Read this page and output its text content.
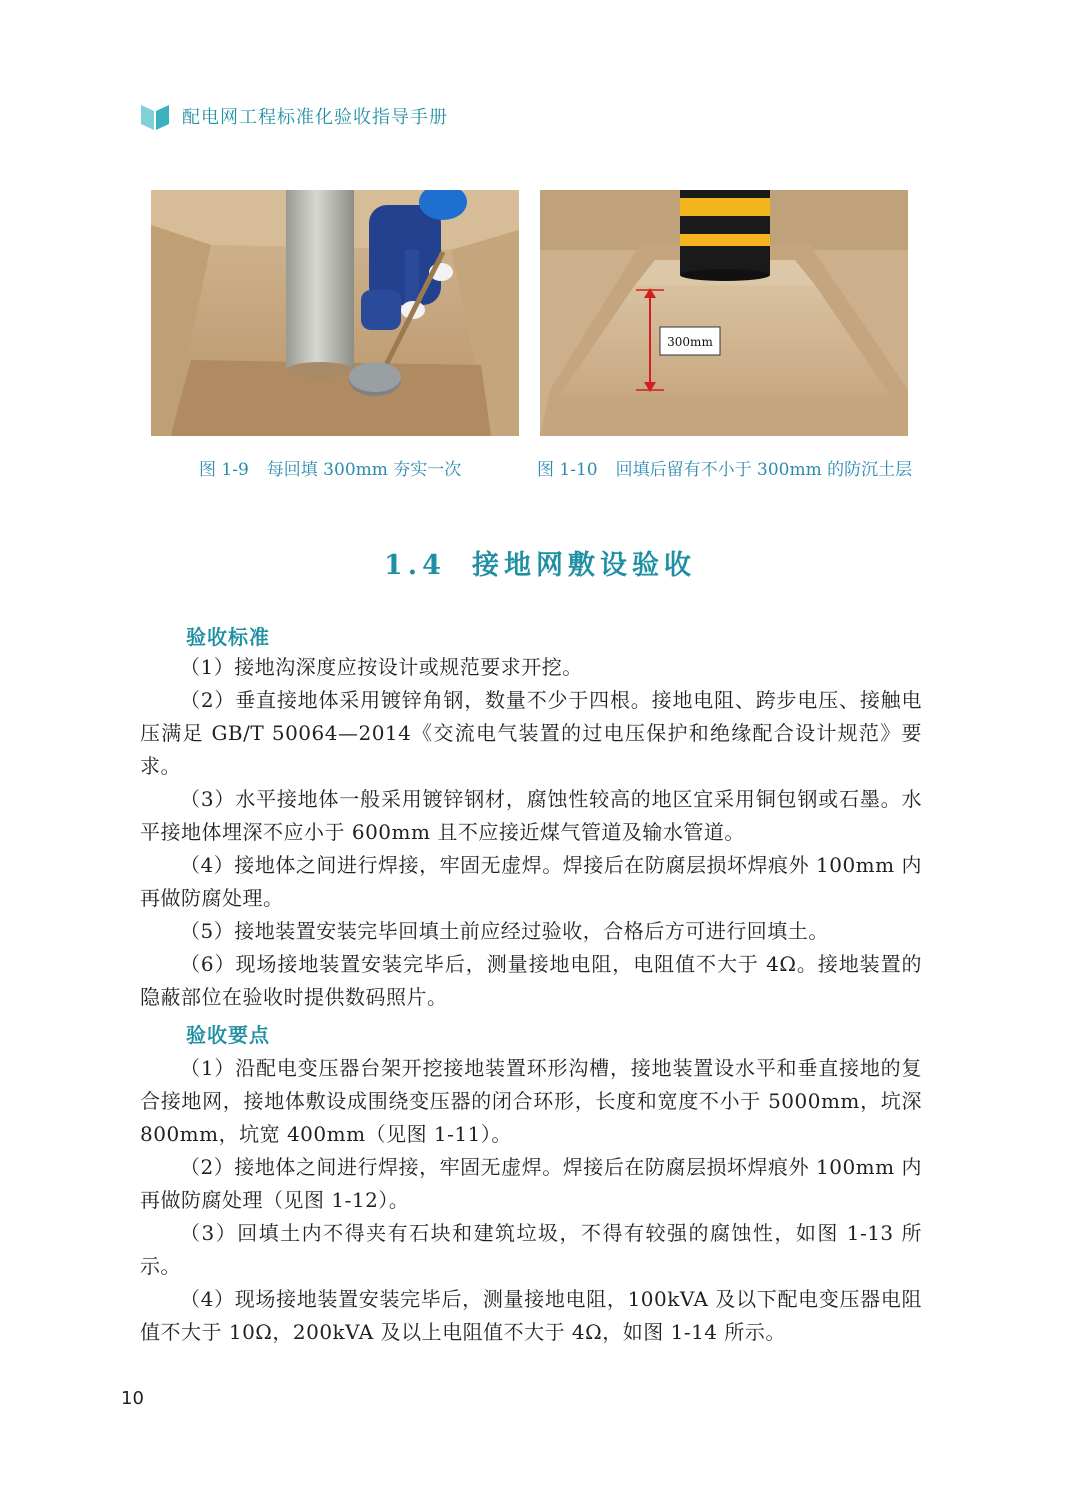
配电网工程标准化验收指导手册
300mm
图 1-9 每回填 300mm 夯实一次	图 1-10 回填后留有不小于 300mm 的防沉土层
1.4 接地网敷设验收
验收标准

（1）接地沟深度应按设计或规范要求开挖。

（2）垂直接地体采用镀锌角钢，数量不少于四根。接地电阻、跨步电压、接触电压满足 GB/T 50064—2014《交流电气装置的过电压保护和绝缘配合设计规范》要求。

（3）水平接地体一般采用镀锌钢材，腐蚀性较高的地区宜采用铜包钢或石墨。水平接地体埋深不应小于 600mm 且不应接近煤气管道及输水管道。

（4）接地体之间进行焊接，牢固无虚焊。焊接后在防腐层损坏焊痕外 100mm 内再做防腐处理。

（5）接地装置安装完毕回填土前应经过验收，合格后方可进行回填土。

（6）现场接地装置安装完毕后，测量接地电阻，电阻值不大于 4Ω。接地装置的隐蔽部位在验收时提供数码照片。

验收要点

（1）沿配电变压器台架开挖接地装置环形沟槽，接地装置设水平和垂直接地的复合接地网，接地体敷设成围绕变压器的闭合环形，长度和宽度不小于 5000mm，坑深 800mm，坑宽 400mm（见图 1-11）。

（2）接地体之间进行焊接，牢固无虚焊。焊接后在防腐层损坏焊痕外 100mm 内再做防腐处理（见图 1-12）。

（3）回填土内不得夹有石块和建筑垃圾，不得有较强的腐蚀性，如图 1-13 所示。

（4）现场接地装置安装完毕后，测量接地电阻，100kVA 及以下配电变压器电阻值不大于 10Ω，200kVA 及以上电阻值不大于 4Ω，如图 1-14 所示。

10
